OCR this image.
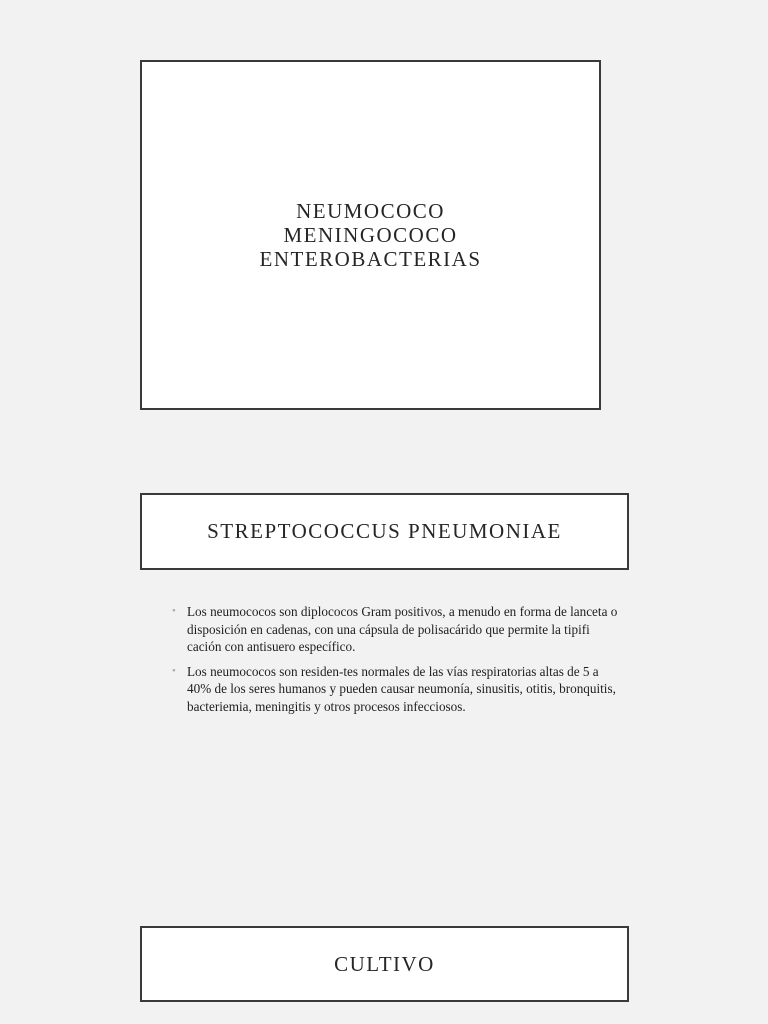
NEUMOCOCO
MENINGOCOCO
ENTEROBACTERIAS
STREPTOCOCCUS PNEUMONIAE
• Los neumococos son diplococos Gram positivos, a menudo en forma de lanceta o disposición en cadenas, con una cápsula de polisacárido que permite la tipifi cación con antisuero específico.
• Los neumococos son residen-tes normales de las vías respiratorias altas de 5 a 40% de los seres humanos y pueden causar neumonía, sinusitis, otitis, bronquitis, bacteriemia, meningitis y otros procesos infecciosos.
CULTIVO
